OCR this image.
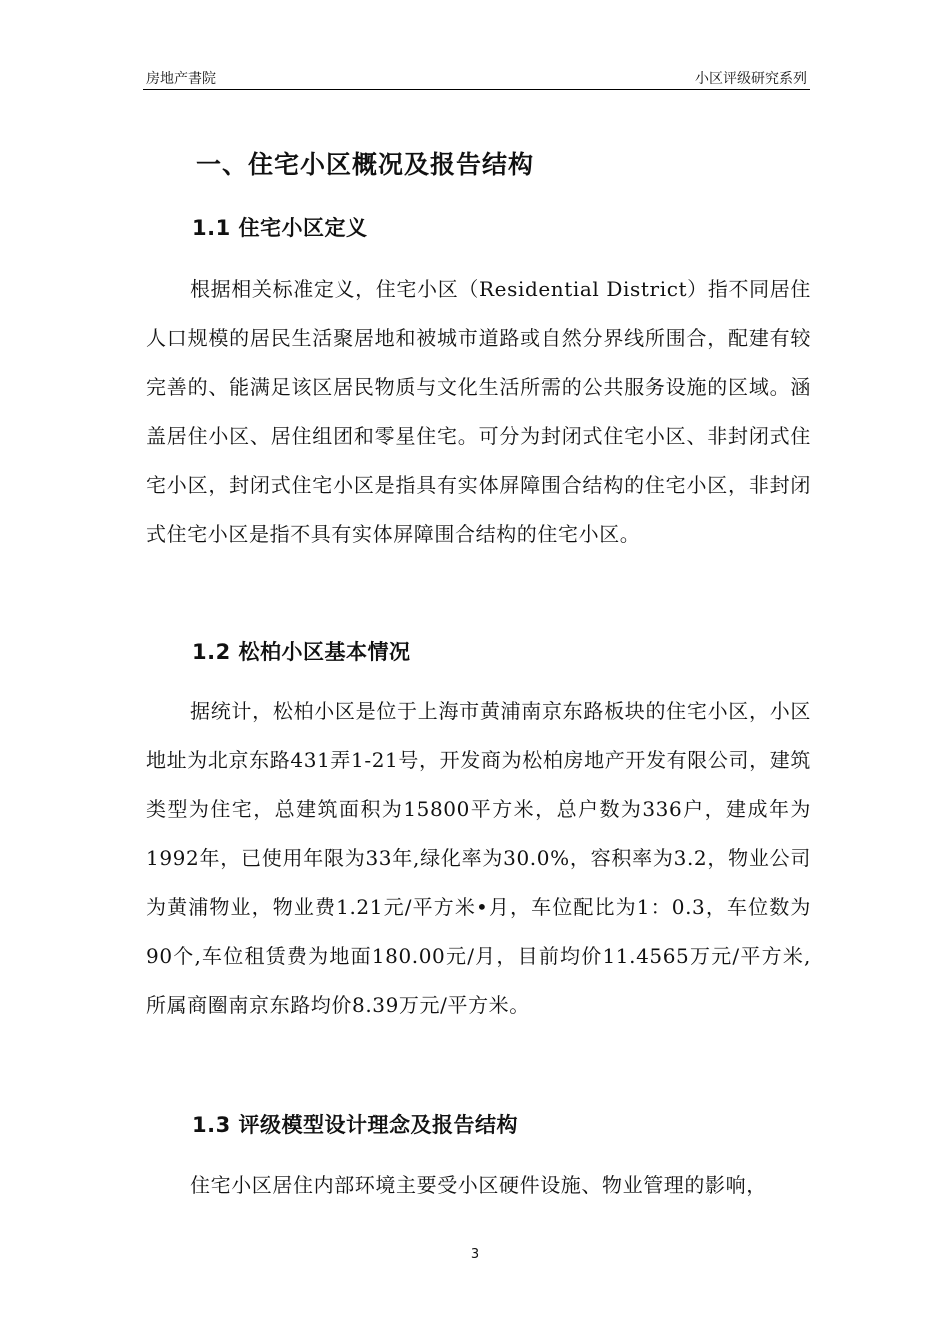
房地产書院	小区评级研究系列
一、住宅小区概况及报告结构
1.1 住宅小区定义

根据相关标准定义，住宅小区（Residential District）指不同居住人口规模的居民生活聚居地和被城市道路或自然分界线所围合，配建有较完善的、能满足该区居民物质与文化生活所需的公共服务设施的区域。涵盖居住小区、居住组团和零星住宅。可分为封闭式住宅小区、非封闭式住宅小区，封闭式住宅小区是指具有实体屏障围合结构的住宅小区，非封闭式住宅小区是指不具有实体屏障围合结构的住宅小区。

1.2 松柏小区基本情况

据统计，松柏小区是位于上海市黄浦南京东路板块的住宅小区，小区地址为北京东路431弄1-21号，开发商为松柏房地产开发有限公司，建筑类型为住宅，总建筑面积为15800平方米，总户数为336户，建成年为1992年，已使用年限为33年,绿化率为30.0%，容积率为3.2，物业公司为黄浦物业，物业费1.21元/平方米•月，车位配比为1：0.3，车位数为90个,车位租赁费为地面180.00元/月，目前均价11.4565万元/平方米,所属商圈南京东路均价8.39万元/平方米。

1.3 评级模型设计理念及报告结构

住宅小区居住内部环境主要受小区硬件设施、物业管理的影响，

3
